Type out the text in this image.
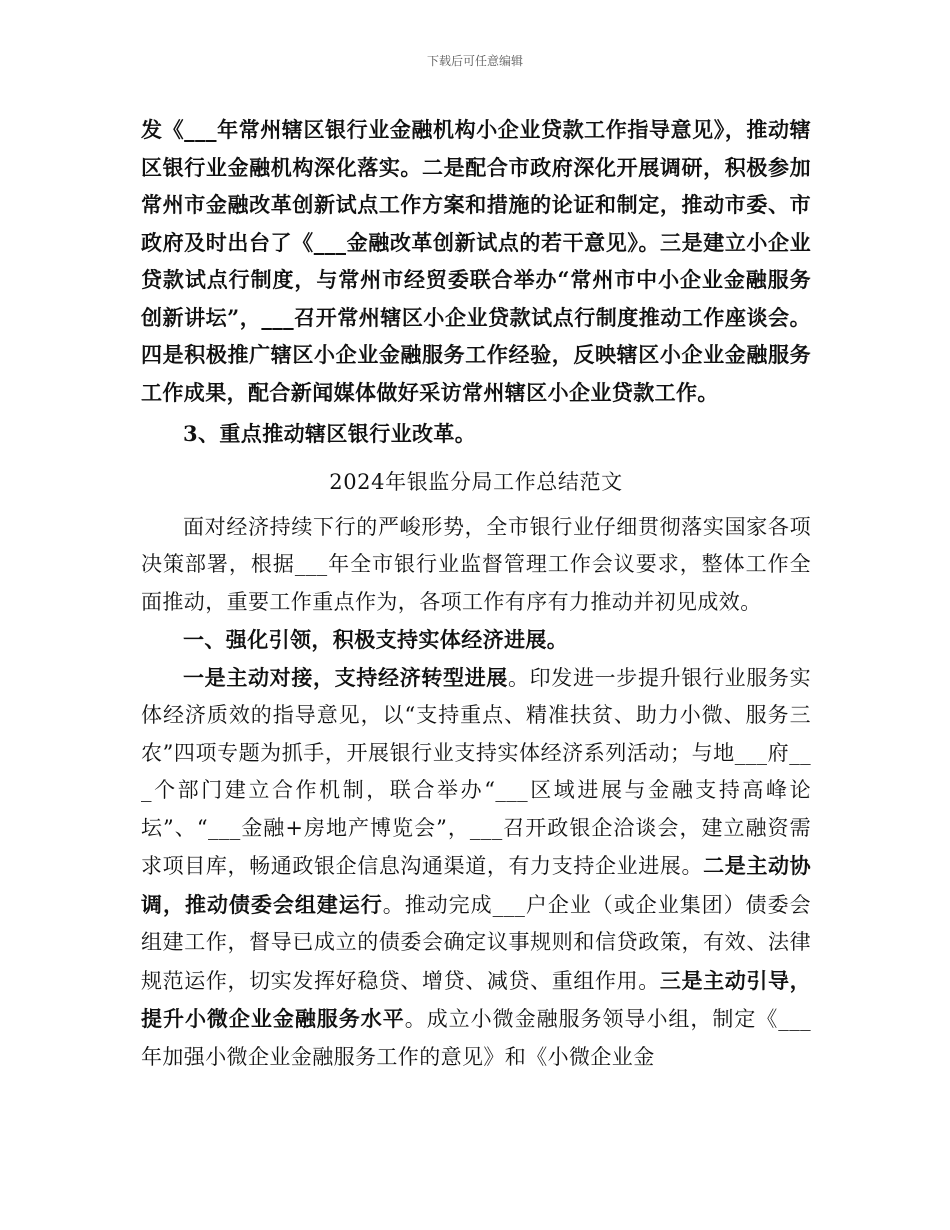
下载后可任意编辑

发《___年常州辖区银行业金融机构小企业贷款工作指导意见》，推动辖区银行业金融机构深化落实。二是配合市政府深化开展调研，积极参加常州市金融改革创新试点工作方案和措施的论证和制定，推动市委、市政府及时出台了《___金融改革创新试点的若干意见》。三是建立小企业贷款试点行制度，与常州市经贸委联合举办“常州市中小企业金融服务创新讲坛”，___召开常州辖区小企业贷款试点行制度推动工作座谈会。四是积极推广辖区小企业金融服务工作经验，反映辖区小企业金融服务工作成果，配合新闻媒体做好采访常州辖区小企业贷款工作。

3、重点推动辖区银行业改革。

2024年银监分局工作总结范文

面对经济持续下行的严峻形势，全市银行业仔细贯彻落实国家各项决策部署，根据___年全市银行业监督管理工作会议要求，整体工作全面推动，重要工作重点作为，各项工作有序有力推动并初见成效。

一、强化引领，积极支持实体经济进展。

一是主动对接，支持经济转型进展。印发进一步提升银行业服务实体经济质效的指导意见，以“支持重点、精准扶贫、助力小微、服务三农”四项专题为抓手，开展银行业支持实体经济系列活动；与地___府___个部门建立合作机制，联合举办“___区域进展与金融支持高峰论坛”、“___金融+房地产博览会”，___召开政银企洽谈会，建立融资需求项目库，畅通政银企信息沟通渠道，有力支持企业进展。二是主动协调，推动债委会组建运行。推动完成___户企业（或企业集团）债委会组建工作，督导已成立的债委会确定议事规则和信贷政策，有效、法律规范运作，切实发挥好稳贷、增贷、减贷、重组作用。三是主动引导，提升小微企业金融服务水平。成立小微金融服务领导小组，制定《___年加强小微企业金融服务工作的意见》和《小微企业金
